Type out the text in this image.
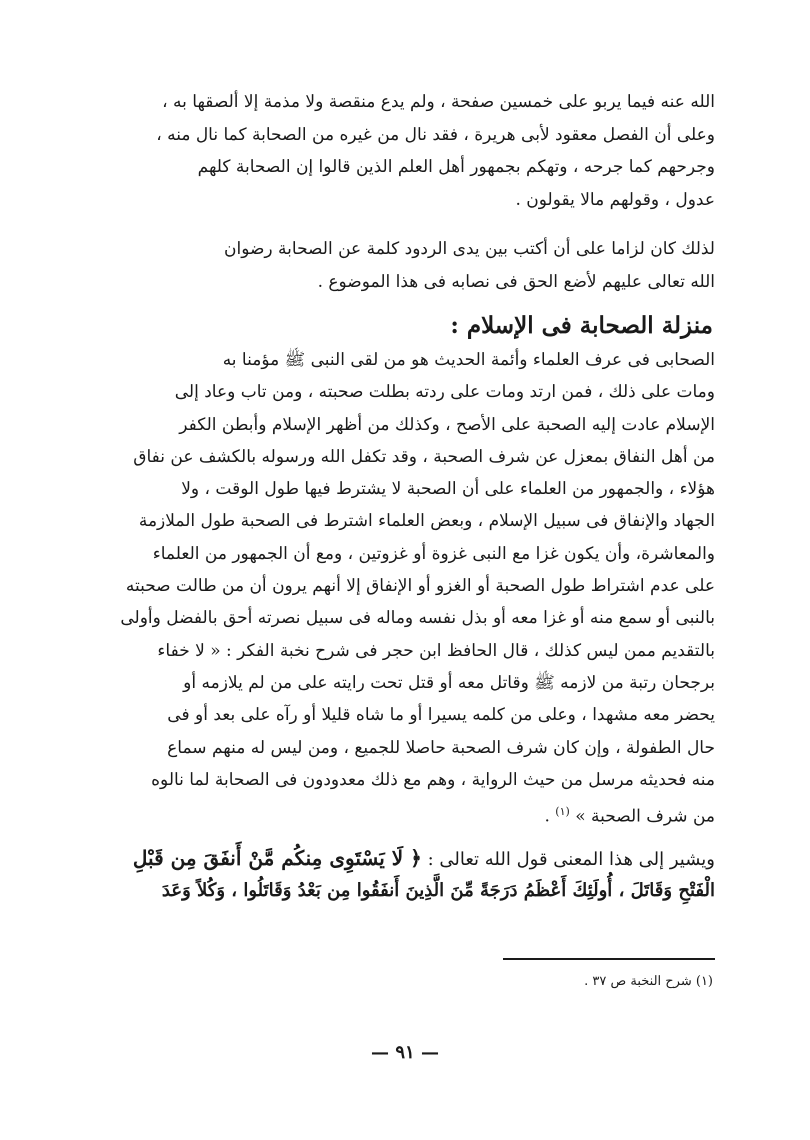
الله عنه فيما يربو على خمسين صفحة ، ولم يدع منقصة ولا مذمة إلا ألصقها به ،

وعلى أن الفصل معقود لأبى هريرة ، فقد نال من غيره من الصحابة كما نال منه ،

وجرحهم كما جرحه ، وتهكم بجمهور أهل العلم الذين قالوا إن الصحابة كلهم

عدول ، وقولهم مالا يقولون .

لذلك كان لزاما على أن أكتب بين يدى الردود كلمة عن الصحابة رضوان

الله تعالى عليهم لأضع الحق فى نصابه فى هذا الموضوع .

منزلة الصحابة فى الإسلام :

الصحابى فى عرف العلماء وأئمة الحديث هو من لقى النبى ﷺ مؤمنا به

ومات على ذلك ، فمن ارتد ومات على ردته بطلت صحبته ، ومن تاب وعاد إلى

الإسلام عادت إليه الصحبة على الأصح ، وكذلك من أظهر الإسلام وأبطن الكفر

من أهل النفاق بمعزل عن شرف الصحبة ، وقد تكفل الله ورسوله بالكشف عن نفاق

هؤلاء ، والجمهور من العلماء على أن الصحبة لا يشترط فيها طول الوقت ، ولا

الجهاد والإنفاق فى سبيل الإسلام ، وبعض العلماء اشترط فى الصحبة طول الملازمة

والمعاشرة، وأن يكون غزا مع النبى غزوة أو غزوتين ، ومع أن الجمهور من العلماء

على عدم اشتراط طول الصحبة أو الغزو أو الإنفاق إلا أنهم يرون أن من طالت صحبته

بالنبى أو سمع منه أو غزا معه أو بذل نفسه وماله فى سبيل نصرته أحق بالفضل وأولى

بالتقديم ممن ليس كذلك ، قال الحافظ ابن حجر فى شرح نخبة الفكر : « لا خفاء

برجحان رتبة من لازمه ﷺ وقاتل معه أو قتل تحت رايته على من لم يلازمه أو

يحضر معه مشهدا ، وعلى من كلمه يسيرا أو ما شاه قليلا أو رآه على بعد أو فى

حال الطفولة ، وإن كان شرف الصحبة حاصلا للجميع ، ومن ليس له منهم سماع

منه فحديثه مرسل من حيث الرواية ، وهم مع ذلك معدودون فى الصحابة لما نالوه

من شرف الصحبة » $^{(١)}$ .

ويشير إلى هذا المعنى قول الله تعالى : ﴿ لَا يَسْتَوِى مِنكُم مَّنْ أَنفَقَ مِن قَبْلِ

الْفَتْحِ وَقَاتَلَ ، أُولَئِكَ أَعْظَمُ دَرَجَةً مِّنَ الَّذِينَ أَنفَقُوا مِن بَعْدُ وَقَاتَلُوا ، وَكُلاً وَعَدَ

(١) شرح النخبة ص ٣٧ .

— ٩١ —
